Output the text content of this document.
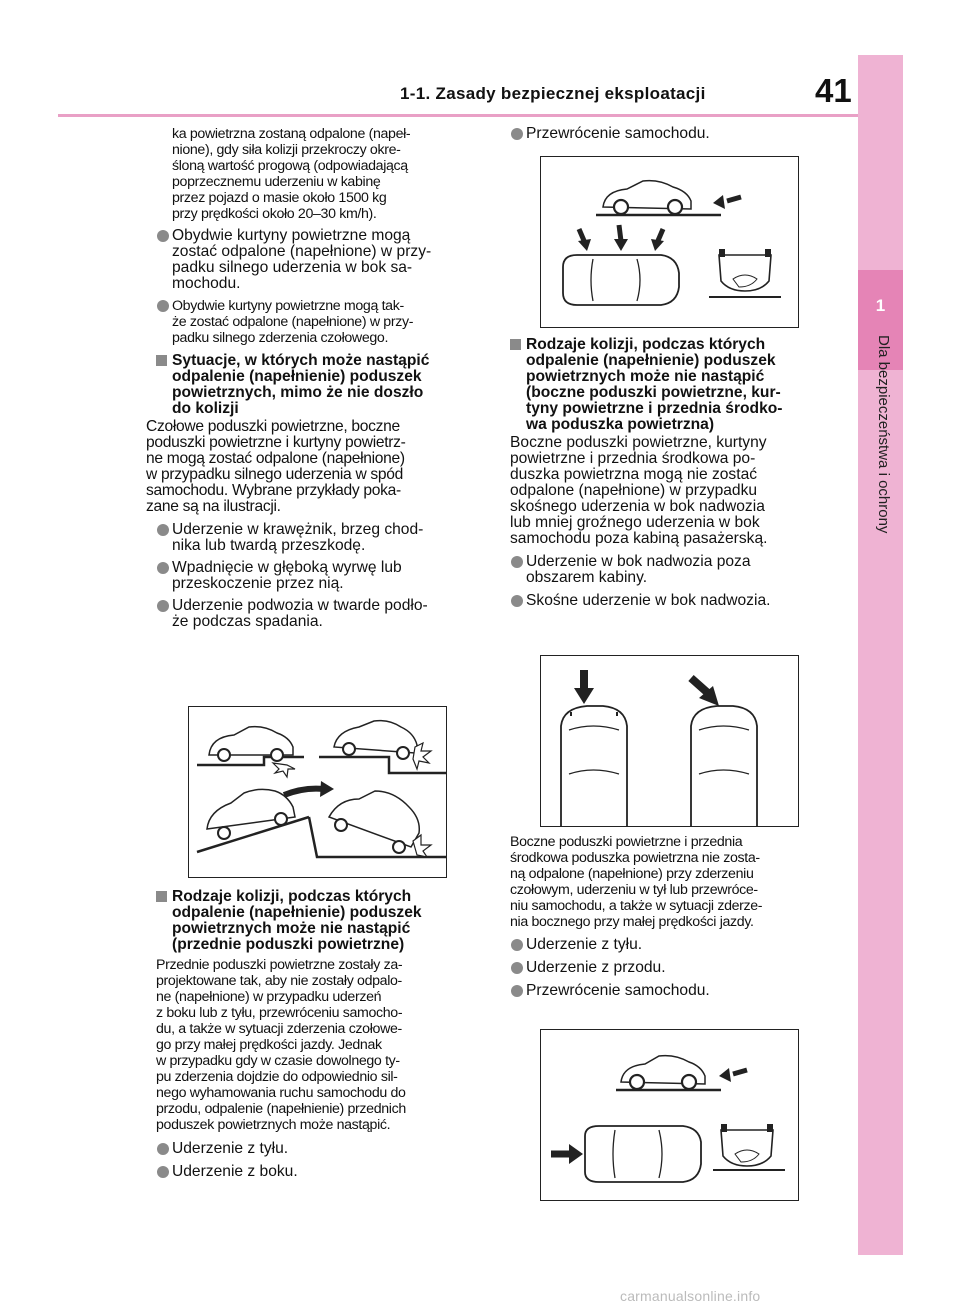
1-1. Zasady bezpiecznej eksploatacji	41
1
Dla bezpieczeństwa i ochrony
ka powietrzna zostaną odpalone (napeł-
nione), gdy siła kolizji przekroczy okre-
śloną wartość progową (odpowiadającą
poprzecznemu uderzeniu w kabinę
przez pojazd o masie około 1500 kg
przy prędkości około 20–30 km/h).
Obydwie kurtyny powietrzne mogą
zostać odpalone (napełnione) w przy-
padku silnego uderzenia w bok sa-
mochodu.
Obydwie kurtyny powietrzne mogą tak-
że zostać odpalone (napełnione) w przy-
padku silnego zderzenia czołowego.
Sytuacje, w których może nastąpić
odpalenie (napełnienie) poduszek
powietrznych, mimo że nie doszło
do kolizji
Czołowe poduszki powietrzne, boczne
poduszki powietrzne i kurtyny powietrz-
ne mogą zostać odpalone (napełnione)
w przypadku silnego uderzenia w spód
samochodu. Wybrane przykłady poka-
zane są na ilustracji.
Uderzenie w krawężnik, brzeg chod-
nika lub twardą przeszkodę.
Wpadnięcie w głęboką wyrwę lub
przeskoczenie przez nią.
Uderzenie podwozia w twarde podło-
że podczas spadania.
Rodzaje kolizji, podczas których
odpalenie (napełnienie) poduszek
powietrznych może nie nastąpić
(przednie poduszki powietrzne)
Przednie poduszki powietrzne zostały za-
projektowane tak, aby nie zostały odpalo-
ne (napełnione) w przypadku uderzeń
z boku lub z tyłu, przewróceniu samocho-
du, a także w sytuacji zderzenia czołowe-
go przy małej prędkości jazdy. Jednak
w przypadku gdy w czasie dowolnego ty-
pu zderzenia dojdzie do odpowiednio sil-
nego wyhamowania ruchu samochodu do
przodu, odpalenie (napełnienie) przednich
poduszek powietrznych może nastąpić.
Uderzenie z tyłu.
Uderzenie z boku.
Przewrócenie samochodu.
Rodzaje kolizji, podczas których
odpalenie (napełnienie) poduszek
powietrznych może nie nastąpić
(boczne poduszki powietrzne, kur-
tyny powietrzne i przednia środko-
wa poduszka powietrzna)
Boczne poduszki powietrzne, kurtyny
powietrzne i przednia środkowa po-
duszka powietrzna mogą nie zostać
odpalone (napełnione) w przypadku
skośnego uderzenia w bok nadwozia
lub mniej groźnego uderzenia w bok
samochodu poza kabiną pasażerską.
Uderzenie w bok nadwozia poza
obszarem kabiny.
Skośne uderzenie w bok nadwozia.
Boczne poduszki powietrzne i przednia
środkowa poduszka powietrzna nie zosta-
ną odpalone (napełnione) przy zderzeniu
czołowym, uderzeniu w tył lub przewróce-
niu samochodu, a także w sytuacji zderze-
nia bocznego przy małej prędkości jazdy.
Uderzenie z tyłu.
Uderzenie z przodu.
Przewrócenie samochodu.
carmanualsonline.info
